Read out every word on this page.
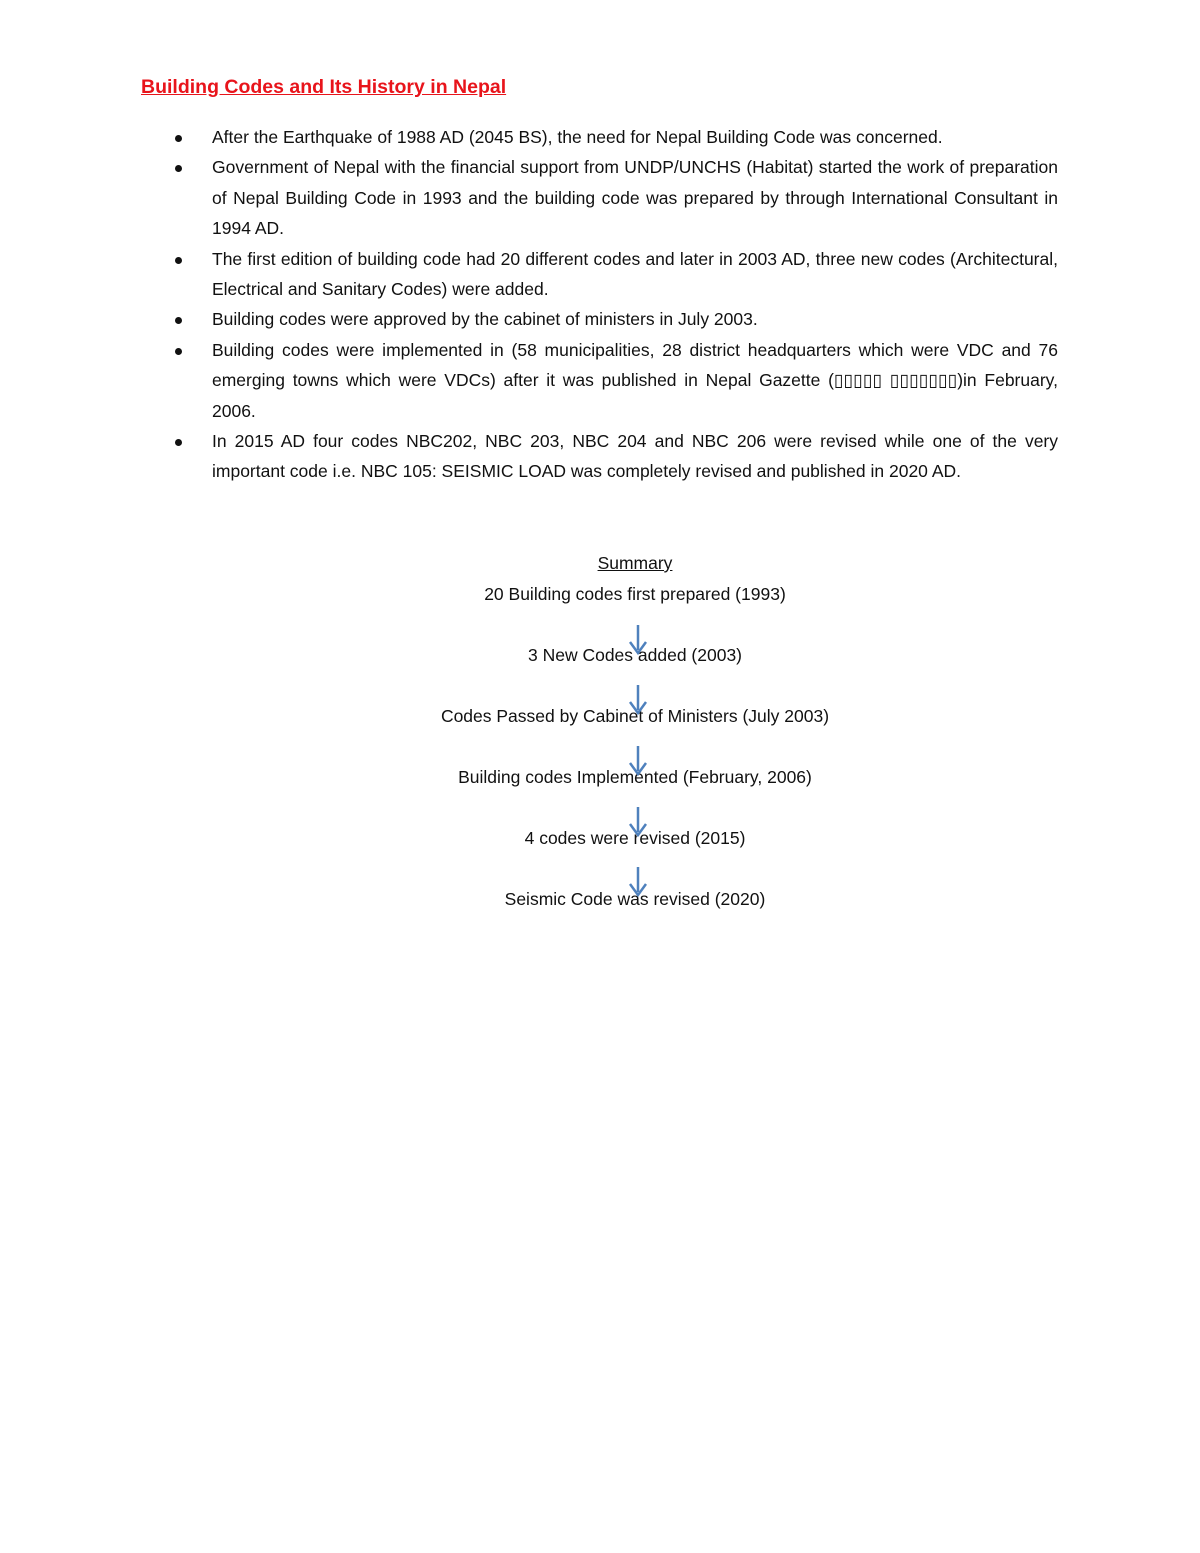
Building Codes and Its History in Nepal
After the Earthquake of 1988 AD (2045 BS), the need for Nepal Building Code was concerned.
Government of Nepal with the financial support from UNDP/UNCHS (Habitat) started the work of preparation of Nepal Building Code in 1993 and the building code was prepared by through International Consultant in 1994 AD.
The first edition of building code had 20 different codes and later in 2003 AD, three new codes (Architectural, Electrical and Sanitary Codes) were added.
Building codes were approved by the cabinet of ministers in July 2003.
Building codes were implemented in (58 municipalities, 28 district headquarters which were VDC and 76 emerging towns which were VDCs) after it was published in Nepal Gazette (▯▯▯▯▯ ▯▯▯▯▯▯▯)in February, 2006.
In 2015 AD four codes NBC202, NBC 203, NBC 204 and NBC 206 were revised while one of the very important code i.e. NBC 105: SEISMIC LOAD was completely revised and published in 2020 AD.
Summary
20 Building codes first prepared (1993)
3 New Codes added (2003)
Codes Passed by Cabinet of Ministers (July 2003)
Building codes Implemented (February, 2006)
4 codes were revised (2015)
Seismic Code was revised (2020)
